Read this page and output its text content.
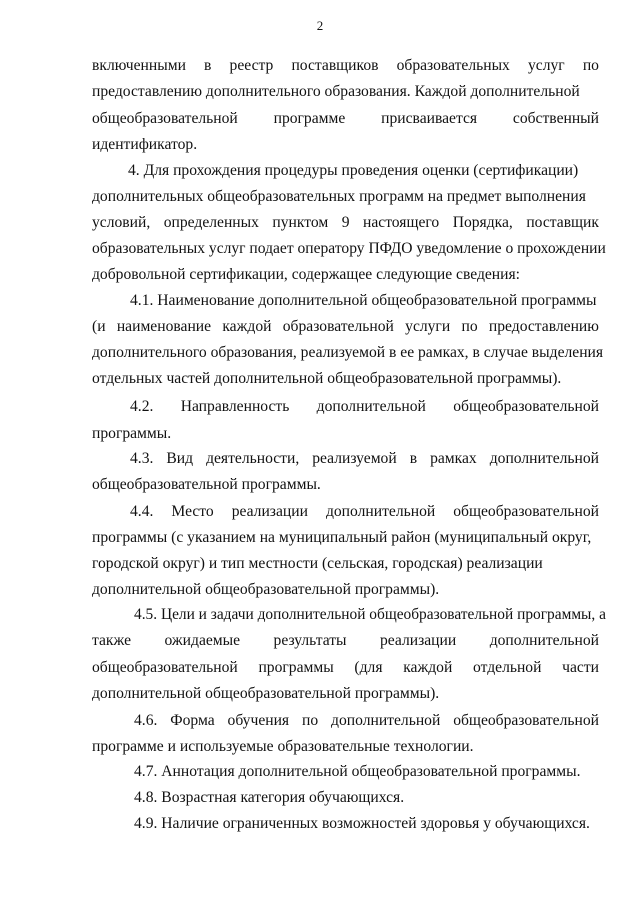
2
включенными в реестр поставщиков образовательных услуг по
предоставлению дополнительного образования. Каждой дополнительной
общеобразовательной программе присваивается собственный
идентификатор.
4. Для прохождения процедуры проведения оценки (сертификации)
дополнительных общеобразовательных программ на предмет выполнения
условий, определенных пунктом 9 настоящего Порядка, поставщик
образовательных услуг подает оператору ПФДО уведомление о прохождении
добровольной сертификации, содержащее следующие сведения:
4.1. Наименование дополнительной общеобразовательной программы
(и наименование каждой образовательной услуги по предоставлению
дополнительного образования, реализуемой в ее рамках, в случае выделения
отдельных частей дополнительной общеобразовательной программы).
4.2. Направленность дополнительной общеобразовательной
программы.
4.3. Вид деятельности, реализуемой в рамках дополнительной
общеобразовательной программы.
4.4. Место реализации дополнительной общеобразовательной
программы (с указанием на муниципальный район (муниципальный округ,
городской округ) и тип местности (сельская, городская) реализации
дополнительной общеобразовательной программы).
4.5. Цели и задачи дополнительной общеобразовательной программы, а
также ожидаемые результаты реализации дополнительной
общеобразовательной программы (для каждой отдельной части
дополнительной общеобразовательной программы).
4.6. Форма обучения по дополнительной общеобразовательной
программе и используемые образовательные технологии.
4.7. Аннотация дополнительной общеобразовательной программы.
4.8. Возрастная категория обучающихся.
4.9. Наличие ограниченных возможностей здоровья у обучающихся.
